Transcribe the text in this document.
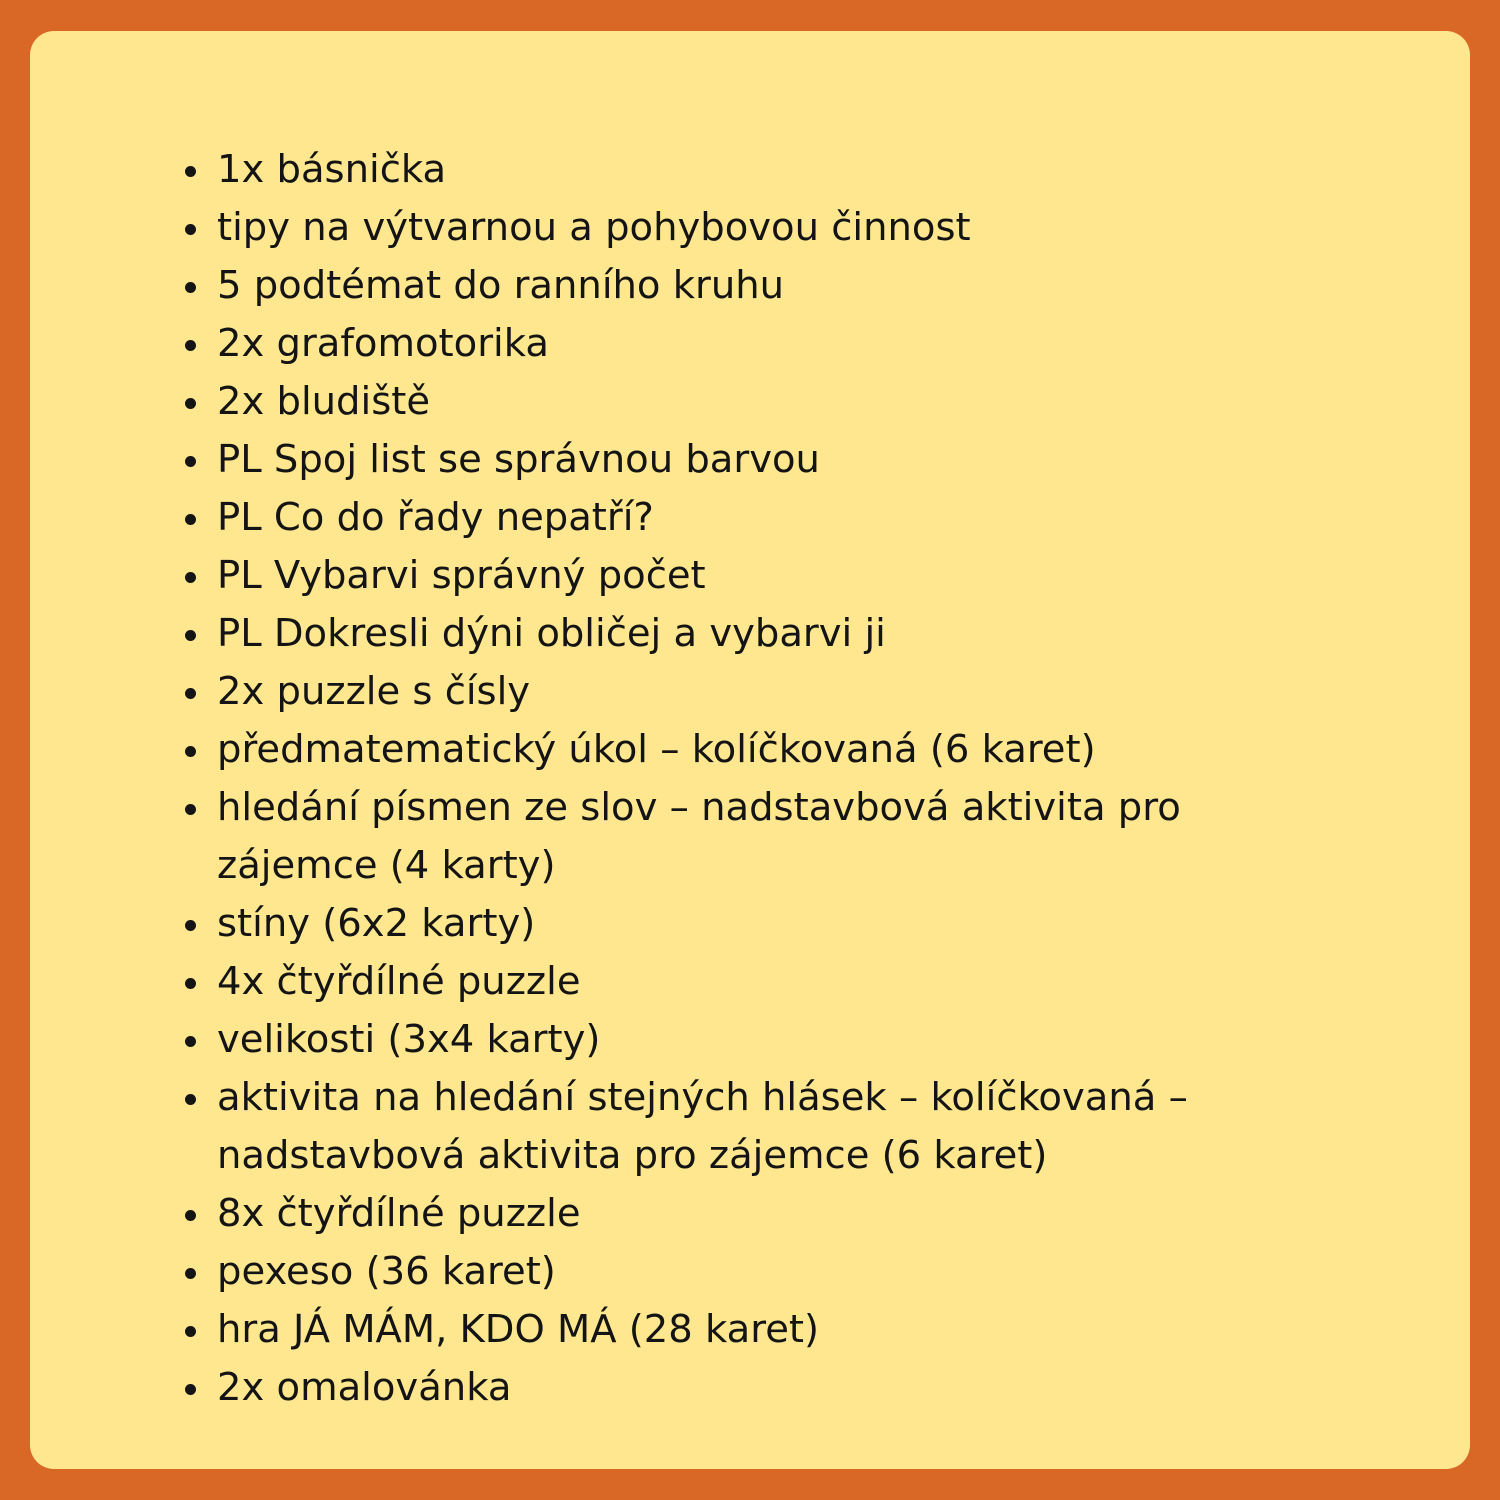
1x básnička
tipy na výtvarnou a pohybovou činnost
5 podtémat do ranního kruhu
2x grafomotorika
2x bludiště
PL Spoj list se správnou barvou
PL Co do řady nepatří?
PL Vybarvi správný počet
PL Dokresli dýni obličej a vybarvi ji
2x puzzle s čísly
předmatematický úkol – kolíčkovaná (6 karet)
hledání písmen ze slov – nadstavbová aktivita pro zájemce (4 karty)
stíny (6x2 karty)
4x čtyřdílné puzzle
velikosti (3x4 karty)
aktivita na hledání stejných hlásek – kolíčkovaná – nadstavbová aktivita pro zájemce (6 karet)
8x čtyřdílné puzzle
pexeso (36 karet)
hra JÁ MÁM, KDO MÁ (28 karet)
2x omalovánka
